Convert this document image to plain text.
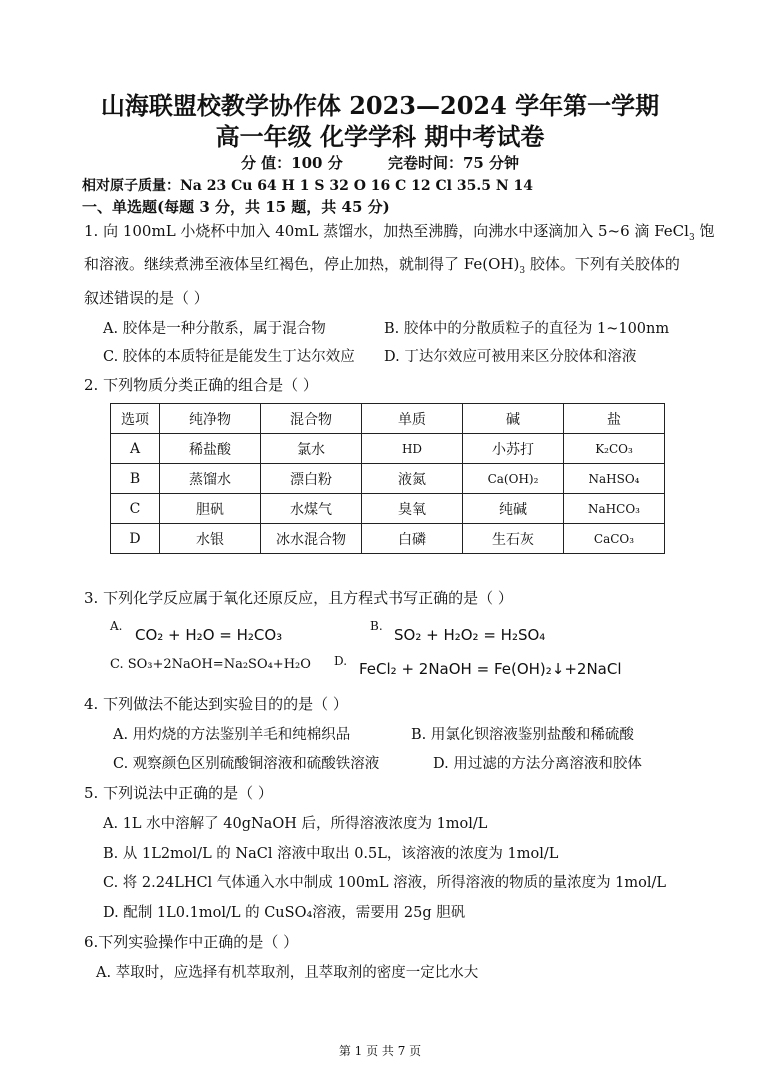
山海联盟校教学协作体 2023—2024 学年第一学期
高一年级 化学学科 期中考试卷
分 值：100 分	完卷时间：75 分钟
相对原子质量：Na 23 Cu 64 H 1 S 32 O 16 C 12 Cl 35.5 N 14
一、单选题(每题 3 分，共 15 题，共 45 分)
1. 向 100mL 小烧杯中加入 40mL 蒸馏水，加热至沸腾，向沸水中逐滴加入 5~6 滴 FeCl$_3$ 饱
和溶液。继续煮沸至液体呈红褐色，停止加热，就制得了 $Fe(OH)_3$ 胶体。下列有关胶体的
叙述错误的是（ ）
A. 胶体是一种分散系，属于混合物	B. 胶体中的分散质粒子的直径为 1~100nm
C. 胶体的本质特征是能发生丁达尔效应 D. 丁达尔效应可被用来区分胶体和溶液
2. 下列物质分类正确的组合是（ ）
选项	纯净物	混合物	单质	碱	盐
A	稀盐酸	氯水	HD	小苏打	K₂CO₃
B	蒸馏水	漂白粉	液氮	Ca(OH)₂	NaHSO₄
C	胆矾	水煤气	臭氧	纯碱	NaHCO₃
D	水银	冰水混合物	白磷	生石灰	CaCO₃
3. 下列化学反应属于氧化还原反应，且方程式书写正确的是（ ）
A. CO₂ + H₂O = H₂CO₃	B. SO₂ + H₂O₂ = H₂SO₄
C. SO₃+2NaOH=Na₂SO₄+H₂O D. FeCl₂ + 2NaOH = Fe(OH)₂↓+2NaCl
4. 下列做法不能达到实验目的的是（ ）
A. 用灼烧的方法鉴别羊毛和纯棉织品	B. 用氯化钡溶液鉴别盐酸和稀硫酸
C. 观察颜色区别硫酸铜溶液和硫酸铁溶液	D. 用过滤的方法分离溶液和胶体
5. 下列说法中正确的是（ ）
A. 1L 水中溶解了 40gNaOH 后，所得溶液浓度为 1mol/L
B. 从 1L2mol/L 的 NaCl 溶液中取出 0.5L，该溶液的浓度为 1mol/L
C. 将 2.24LHCl 气体通入水中制成 100mL 溶液，所得溶液的物质的量浓度为 1mol/L
D. 配制 1L0.1mol/L 的 CuSO₄溶液，需要用 25g 胆矾
6.下列实验操作中正确的是（ ）
A. 萃取时，应选择有机萃取剂，且萃取剂的密度一定比水大
第 1 页 共 7 页
